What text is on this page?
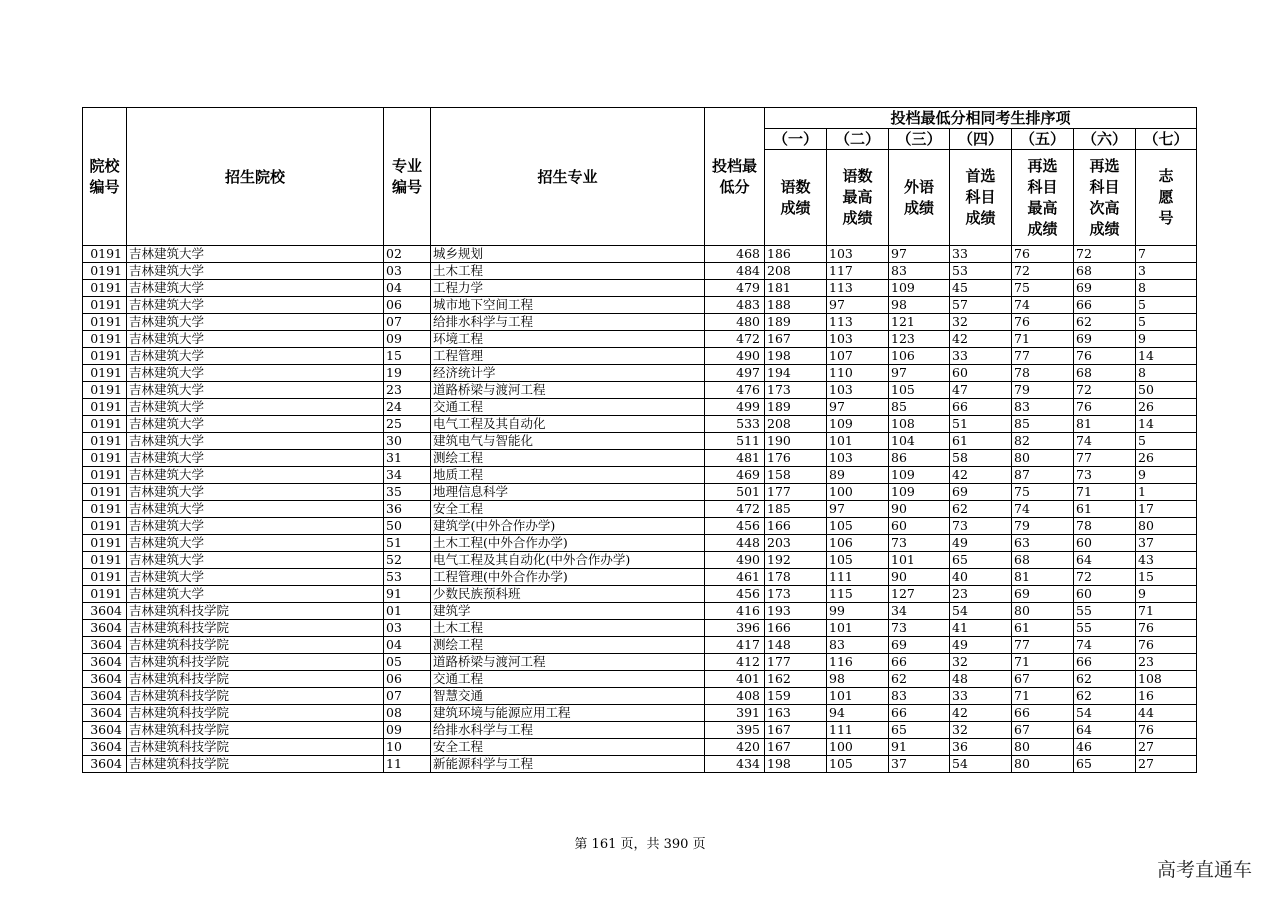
院校编号	招生院校	专业编号	招生专业	投档最低分	投档最低分相同考生排序项						
					（一）	（二）	（三）	（四）	（五）	（六）	（七）

					语数成绩	语数最高成绩	外语成绩	首选科目成绩	再选科目最高成绩	再选科目次高成绩	志愿号

0191	吉林建筑大学	02	城乡规划	468	186	103	97	33	76	72	7
0191	吉林建筑大学	03	土木工程	484	208	117	83	53	72	68	3
0191	吉林建筑大学	04	工程力学	479	181	113	109	45	75	69	8
0191	吉林建筑大学	06	城市地下空间工程	483	188	97	98	57	74	66	5
0191	吉林建筑大学	07	给排水科学与工程	480	189	113	121	32	76	62	5
0191	吉林建筑大学	09	环境工程	472	167	103	123	42	71	69	9
0191	吉林建筑大学	15	工程管理	490	198	107	106	33	77	76	14
0191	吉林建筑大学	19	经济统计学	497	194	110	97	60	78	68	8
0191	吉林建筑大学	23	道路桥梁与渡河工程	476	173	103	105	47	79	72	50
0191	吉林建筑大学	24	交通工程	499	189	97	85	66	83	76	26
0191	吉林建筑大学	25	电气工程及其自动化	533	208	109	108	51	85	81	14
0191	吉林建筑大学	30	建筑电气与智能化	511	190	101	104	61	82	74	5
0191	吉林建筑大学	31	测绘工程	481	176	103	86	58	80	77	26
0191	吉林建筑大学	34	地质工程	469	158	89	109	42	87	73	9
0191	吉林建筑大学	35	地理信息科学	501	177	100	109	69	75	71	1
0191	吉林建筑大学	36	安全工程	472	185	97	90	62	74	61	17
0191	吉林建筑大学	50	建筑学(中外合作办学)	456	166	105	60	73	79	78	80
0191	吉林建筑大学	51	土木工程(中外合作办学)	448	203	106	73	49	63	60	37
0191	吉林建筑大学	52	电气工程及其自动化(中外合作办学)	490	192	105	101	65	68	64	43
0191	吉林建筑大学	53	工程管理(中外合作办学)	461	178	111	90	40	81	72	15
0191	吉林建筑大学	91	少数民族预科班	456	173	115	127	23	69	60	9
3604	吉林建筑科技学院	01	建筑学	416	193	99	34	54	80	55	71
3604	吉林建筑科技学院	03	土木工程	396	166	101	73	41	61	55	76
3604	吉林建筑科技学院	04	测绘工程	417	148	83	69	49	77	74	76
3604	吉林建筑科技学院	05	道路桥梁与渡河工程	412	177	116	66	32	71	66	23
3604	吉林建筑科技学院	06	交通工程	401	162	98	62	48	67	62	108
3604	吉林建筑科技学院	07	智慧交通	408	159	101	83	33	71	62	16
3604	吉林建筑科技学院	08	建筑环境与能源应用工程	391	163	94	66	42	66	54	44
3604	吉林建筑科技学院	09	给排水科学与工程	395	167	111	65	32	67	64	76
3604	吉林建筑科技学院	10	安全工程	420	167	100	91	36	80	46	27
3604	吉林建筑科技学院	11	新能源科学与工程	434	198	105	37	54	80	65	27
第 161 页，共 390 页
高考直通车
